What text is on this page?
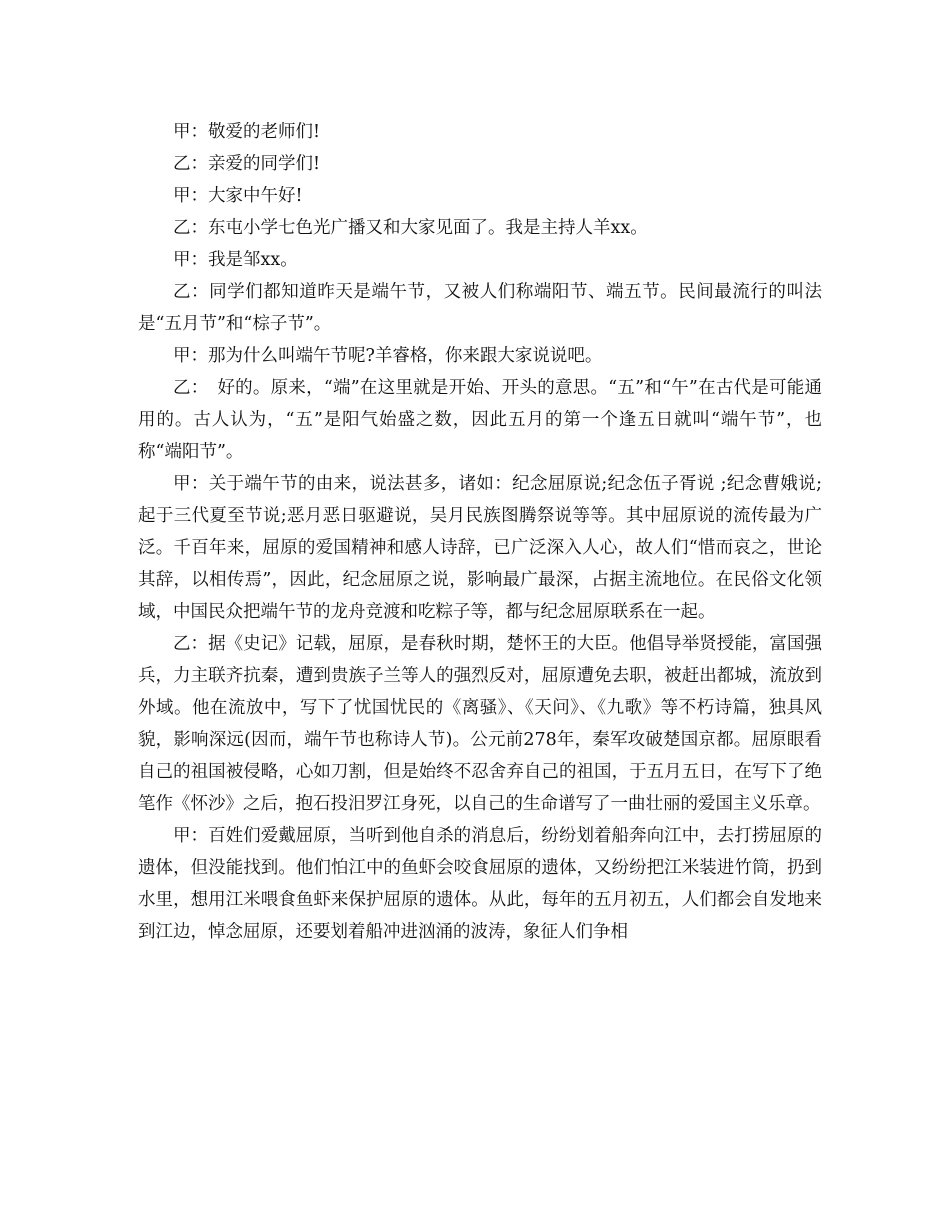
甲：敬爱的老师们!

乙：亲爱的同学们!

甲：大家中午好!

乙：东屯小学七色光广播又和大家见面了。我是主持人羊xx。

甲：我是邹xx。

乙：同学们都知道昨天是端午节，又被人们称端阳节、端五节。民间最流行的叫法是“五月节”和“棕子节”。

甲：那为什么叫端午节呢?羊睿格，你来跟大家说说吧。

乙：　好的。原来，“端”在这里就是开始、开头的意思。“五”和“午”在古代是可能通用的。古人认为，“五”是阳气始盛之数，因此五月的第一个逢五日就叫“端午节”，也称“端阳节”。

甲：关于端午节的由来，说法甚多，诸如：纪念屈原说;纪念伍子胥说 ;纪念曹娥说;起于三代夏至节说;恶月恶日驱避说，吴月民族图腾祭说等等。其中屈原说的流传最为广泛。千百年来，屈原的爱国精神和感人诗辞，已广泛深入人心，故人们“惜而哀之，世论其辞，以相传焉”，因此，纪念屈原之说，影响最广最深，占据主流地位。在民俗文化领域，中国民众把端午节的龙舟竞渡和吃粽子等，都与纪念屈原联系在一起。

乙：据《史记》记载，屈原，是春秋时期，楚怀王的大臣。他倡导举贤授能，富国强兵，力主联齐抗秦，遭到贵族子兰等人的强烈反对，屈原遭免去职，被赶出都城，流放到外域。他在流放中，写下了忧国忧民的《离骚》、《天问》、《九歌》等不朽诗篇，独具风貌，影响深远(因而，端午节也称诗人节)。公元前278年，秦军攻破楚国京都。屈原眼看自己的祖国被侵略，心如刀割，但是始终不忍舍弃自己的祖国，于五月五日，在写下了绝笔作《怀沙》之后，抱石投汨罗江身死，以自己的生命谱写了一曲壮丽的爱国主义乐章。

甲：百姓们爱戴屈原，当听到他自杀的消息后，纷纷划着船奔向江中，去打捞屈原的遗体，但没能找到。他们怕江中的鱼虾会咬食屈原的遗体，又纷纷把江米装进竹筒，扔到水里，想用江米喂食鱼虾来保护屈原的遗体。从此，每年的五月初五，人们都会自发地来到江边，悼念屈原，还要划着船冲进汹涌的波涛，象征人们争相
